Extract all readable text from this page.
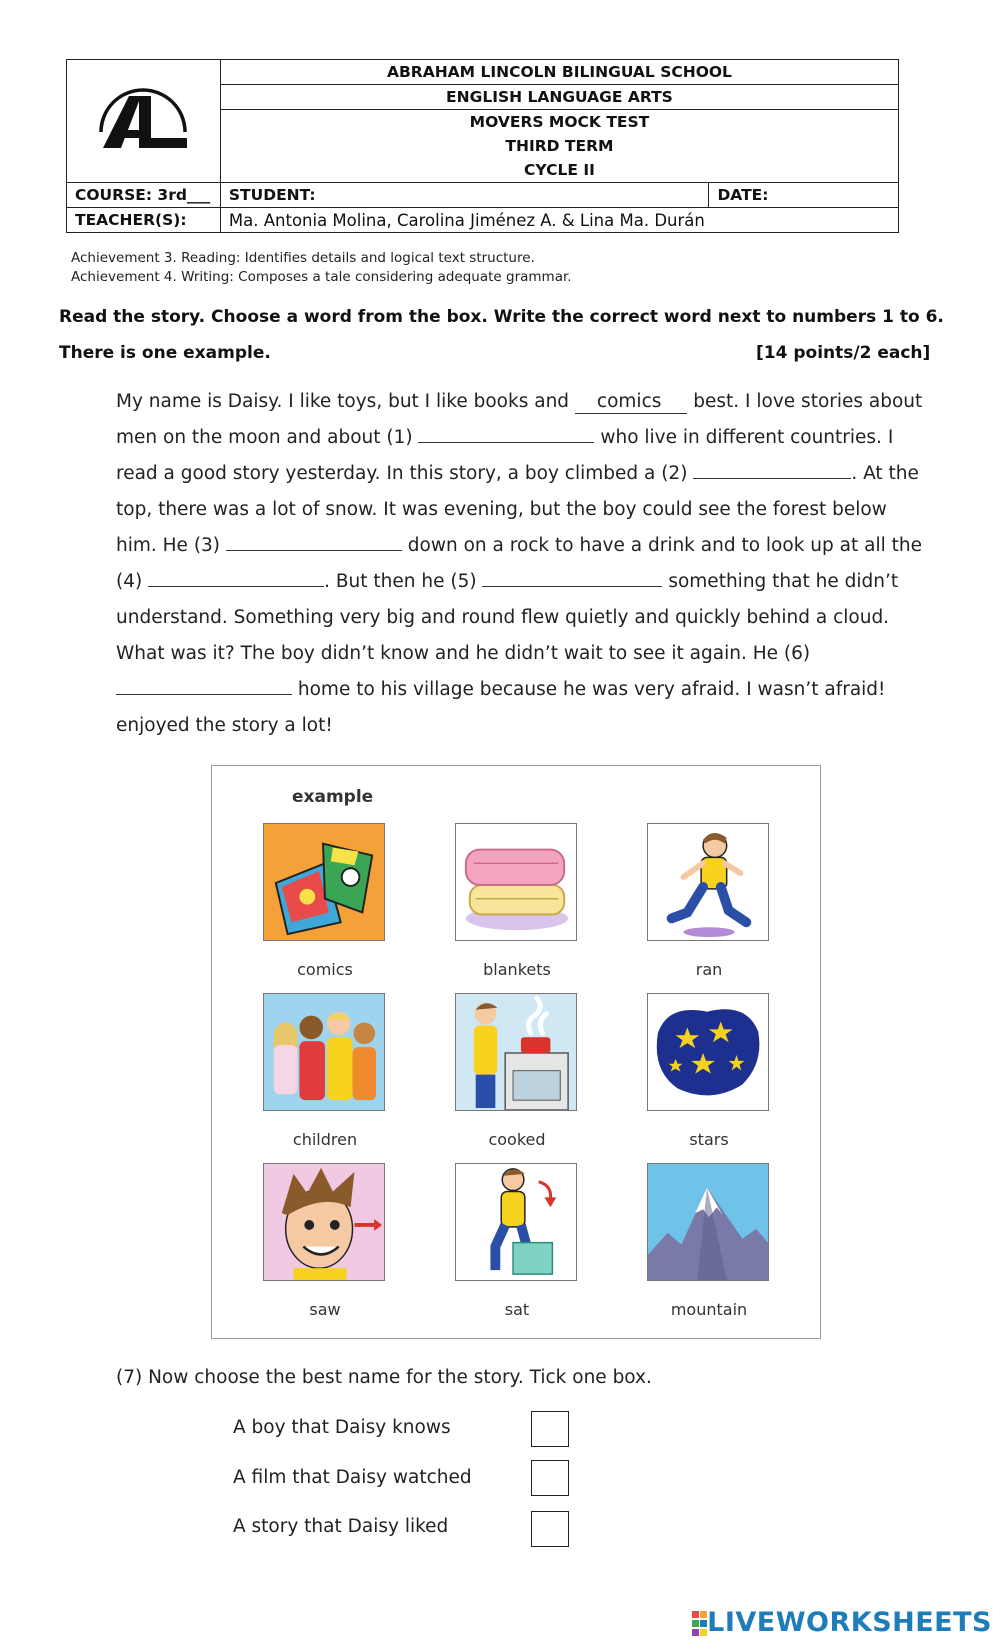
	ABRAHAM LINCOLN BILINGUAL SCHOOL	
	ENGLISH LANGUAGE ARTS	
	MOVERS MOCK TEST	
	THIRD TERM	
	CYCLE II	
COURSE: 3rd___	STUDENT:	DATE:
TEACHER(S):	Ma. Antonia Molina, Carolina Jiménez A. & Lina Ma. Durán	
Achievement 3. Reading: Identifies details and logical text structure.
Achievement 4. Writing: Composes a tale considering adequate grammar.
Read the story. Choose a word from the box. Write the correct word next to numbers 1 to 6.
There is one example.	[14 points/2 each]
My name is Daisy. I like toys, but I like books and comics best. I love stories about
men on the moon and about (1)	who live in different countries. I
read a good story yesterday. In this story, a boy climbed a (2)	. At the
top, there was a lot of snow. It was evening, but the boy could see the forest below
him. He (3)	down on a rock to have a drink and to look up at all the
(4)	. But then he (5)	something that he didn’t
understand. Something very big and round flew quietly and quickly behind a cloud.
What was it? The boy didn’t know and he didn’t wait to see it again. He (6)
home to his village because he was very afraid. I wasn’t afraid!
enjoyed the story a lot!
example
comics	blankets	ran
children	cooked	stars
saw	sat	mountain
(7) Now choose the best name for the story. Tick one box.
A boy that Daisy knows
A film that Daisy watched
A story that Daisy liked
LIVEWORKSHEETS
